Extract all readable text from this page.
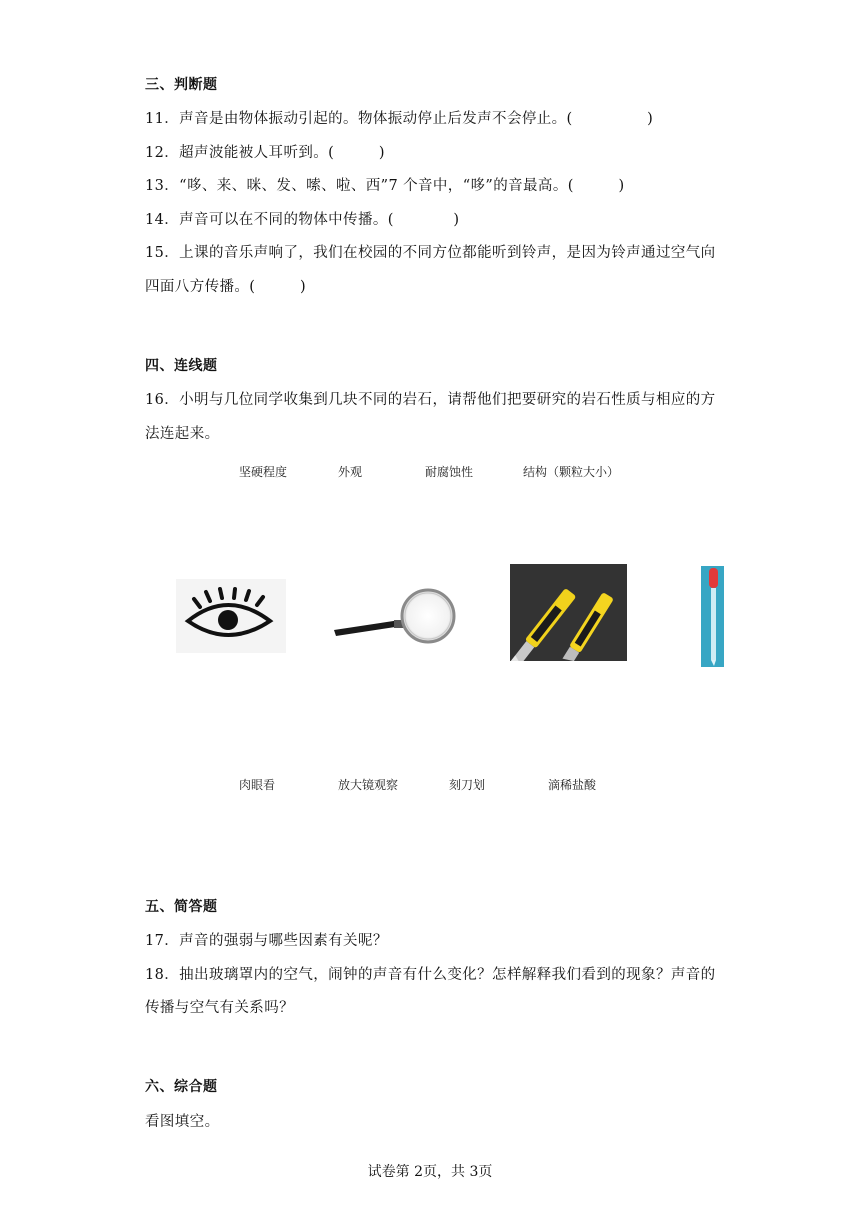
三、判断题
11．声音是由物体振动引起的。物体振动停止后发声不会停止。(　　　　　)
12．超声波能被人耳听到。(　　　)
13．“哆、来、咪、发、嗦、啦、西”7 个音中，“哆”的音最高。(　　　)
14．声音可以在不同的物体中传播。(　　　　)
15．上课的音乐声响了，我们在校园的不同方位都能听到铃声，是因为铃声通过空气向
四面八方传播。(　　　)
四、连线题
16．小明与几位同学收集到几块不同的岩石，请帮他们把要研究的岩石性质与相应的方
法连起来。
坚硬程度	外观	耐腐蚀性	结构（颗粒大小）
肉眼看	放大镜观察	刻刀划	滴稀盐酸
五、简答题
17．声音的强弱与哪些因素有关呢？
18．抽出玻璃罩内的空气，闹钟的声音有什么变化？怎样解释我们看到的现象？声音的
传播与空气有关系吗？
六、综合题
看图填空。
试卷第 2页，共 3页
